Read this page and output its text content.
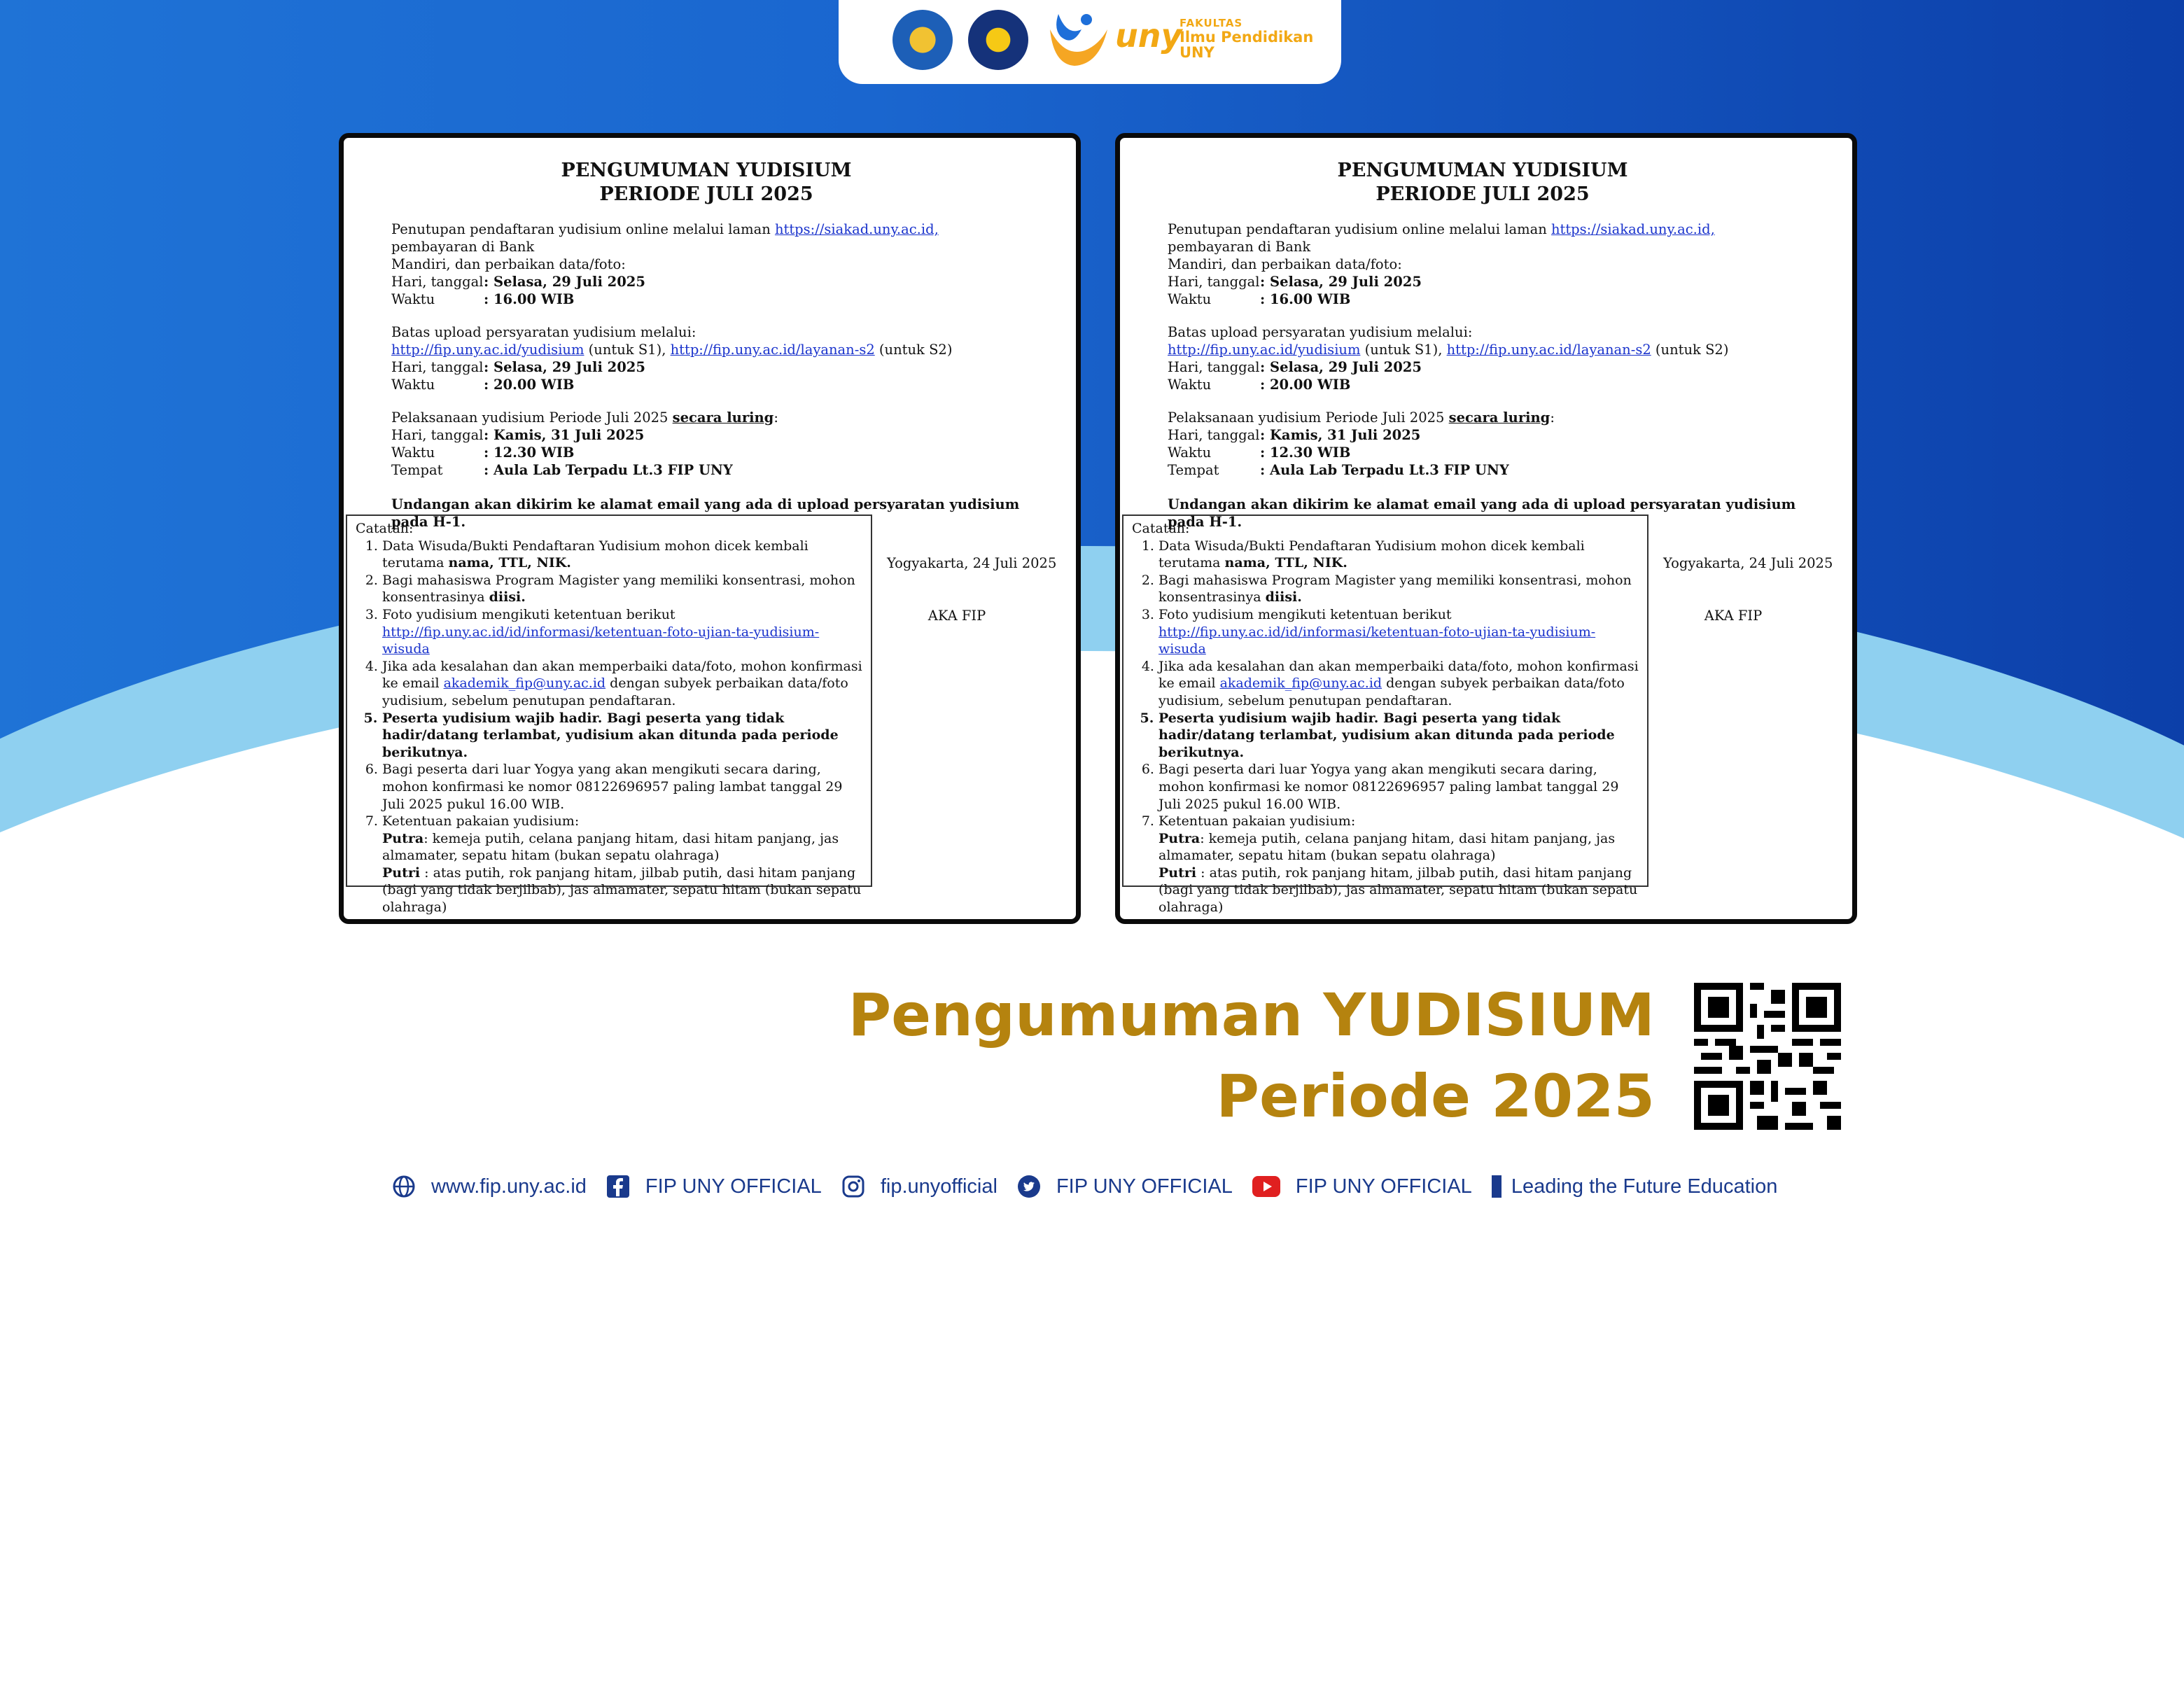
uny
FAKULTAS
Ilmu Pendidikan
UNY
PENGUMUMAN YUDISIUM
PERIODE JULI 2025
Penutupan pendaftaran yudisium online melalui laman https://siakad.uny.ac.id, pembayaran di Bank
Mandiri, dan perbaikan data/foto:
Hari, tanggal : Selasa, 29 Juli 2025
Waktu	: 16.00 WIB
Batas upload persyaratan yudisium melalui:
http://fip.uny.ac.id/yudisium (untuk S1), http://fip.uny.ac.id/layanan-s2 (untuk S2)
Hari, tanggal : Selasa, 29 Juli 2025
Waktu	: 20.00 WIB
Pelaksanaan yudisium Periode Juli 2025 secara luring:
Hari, tanggal : Kamis, 31 Juli 2025
Waktu	: 12.30 WIB
Tempat	: Aula Lab Terpadu Lt.3 FIP UNY
Undangan akan dikirim ke alamat email yang ada di upload persyaratan yudisium pada H-1.
Catatan:
1. Data Wisuda/Bukti Pendaftaran Yudisium mohon dicek kembali terutama nama, TTL, NIK.
2. Bagi mahasiswa Program Magister yang memiliki konsentrasi, mohon konsentrasinya diisi.
3. Foto yudisium mengikuti ketentuan berikut http://fip.uny.ac.id/id/informasi/ketentuan-foto-ujian-ta-yudisium-wisuda
4. Jika ada kesalahan dan akan memperbaiki data/foto, mohon konfirmasi ke email akademik_fip@uny.ac.id dengan subyek perbaikan data/foto yudisium, sebelum penutupan pendaftaran.
5. Peserta yudisium wajib hadir. Bagi peserta yang tidak hadir/datang terlambat, yudisium akan ditunda pada periode berikutnya.
6. Bagi peserta dari luar Yogya yang akan mengikuti secara daring, mohon konfirmasi ke nomor 08122696957 paling lambat tanggal 29 Juli 2025 pukul 16.00 WIB.
7. Ketentuan pakaian yudisium:
Putra: kemeja putih, celana panjang hitam, dasi hitam panjang, jas almamater, sepatu hitam (bukan sepatu olahraga)
Putri : atas putih, rok panjang hitam, jilbab putih, dasi hitam panjang (bagi yang tidak berjilbab), jas almamater, sepatu hitam (bukan sepatu olahraga)
Yogyakarta, 24 Juli 2025
AKA FIP
PENGUMUMAN YUDISIUM
PERIODE JULI 2025
Penutupan pendaftaran yudisium online melalui laman https://siakad.uny.ac.id, pembayaran di Bank
Mandiri, dan perbaikan data/foto:
Hari, tanggal : Selasa, 29 Juli 2025
Waktu	: 16.00 WIB
Batas upload persyaratan yudisium melalui:
http://fip.uny.ac.id/yudisium (untuk S1), http://fip.uny.ac.id/layanan-s2 (untuk S2)
Hari, tanggal : Selasa, 29 Juli 2025
Waktu	: 20.00 WIB
Pelaksanaan yudisium Periode Juli 2025 secara luring:
Hari, tanggal : Kamis, 31 Juli 2025
Waktu	: 12.30 WIB
Tempat	: Aula Lab Terpadu Lt.3 FIP UNY
Undangan akan dikirim ke alamat email yang ada di upload persyaratan yudisium pada H-1.
Catatan:
1. Data Wisuda/Bukti Pendaftaran Yudisium mohon dicek kembali terutama nama, TTL, NIK.
2. Bagi mahasiswa Program Magister yang memiliki konsentrasi, mohon konsentrasinya diisi.
3. Foto yudisium mengikuti ketentuan berikut http://fip.uny.ac.id/id/informasi/ketentuan-foto-ujian-ta-yudisium-wisuda
4. Jika ada kesalahan dan akan memperbaiki data/foto, mohon konfirmasi ke email akademik_fip@uny.ac.id dengan subyek perbaikan data/foto yudisium, sebelum penutupan pendaftaran.
5. Peserta yudisium wajib hadir. Bagi peserta yang tidak hadir/datang terlambat, yudisium akan ditunda pada periode berikutnya.
6. Bagi peserta dari luar Yogya yang akan mengikuti secara daring, mohon konfirmasi ke nomor 08122696957 paling lambat tanggal 29 Juli 2025 pukul 16.00 WIB.
7. Ketentuan pakaian yudisium:
Putra: kemeja putih, celana panjang hitam, dasi hitam panjang, jas almamater, sepatu hitam (bukan sepatu olahraga)
Putri : atas putih, rok panjang hitam, jilbab putih, dasi hitam panjang (bagi yang tidak berjilbab), jas almamater, sepatu hitam (bukan sepatu olahraga)
Yogyakarta, 24 Juli 2025
AKA FIP
Pengumuman YUDISIUM
Periode 2025
www.fip.uny.ac.id	FIP UNY OFFICIAL	fip.unyofficial	FIP UNY OFFICIAL	FIP UNY OFFICIAL Leading the Future Education
